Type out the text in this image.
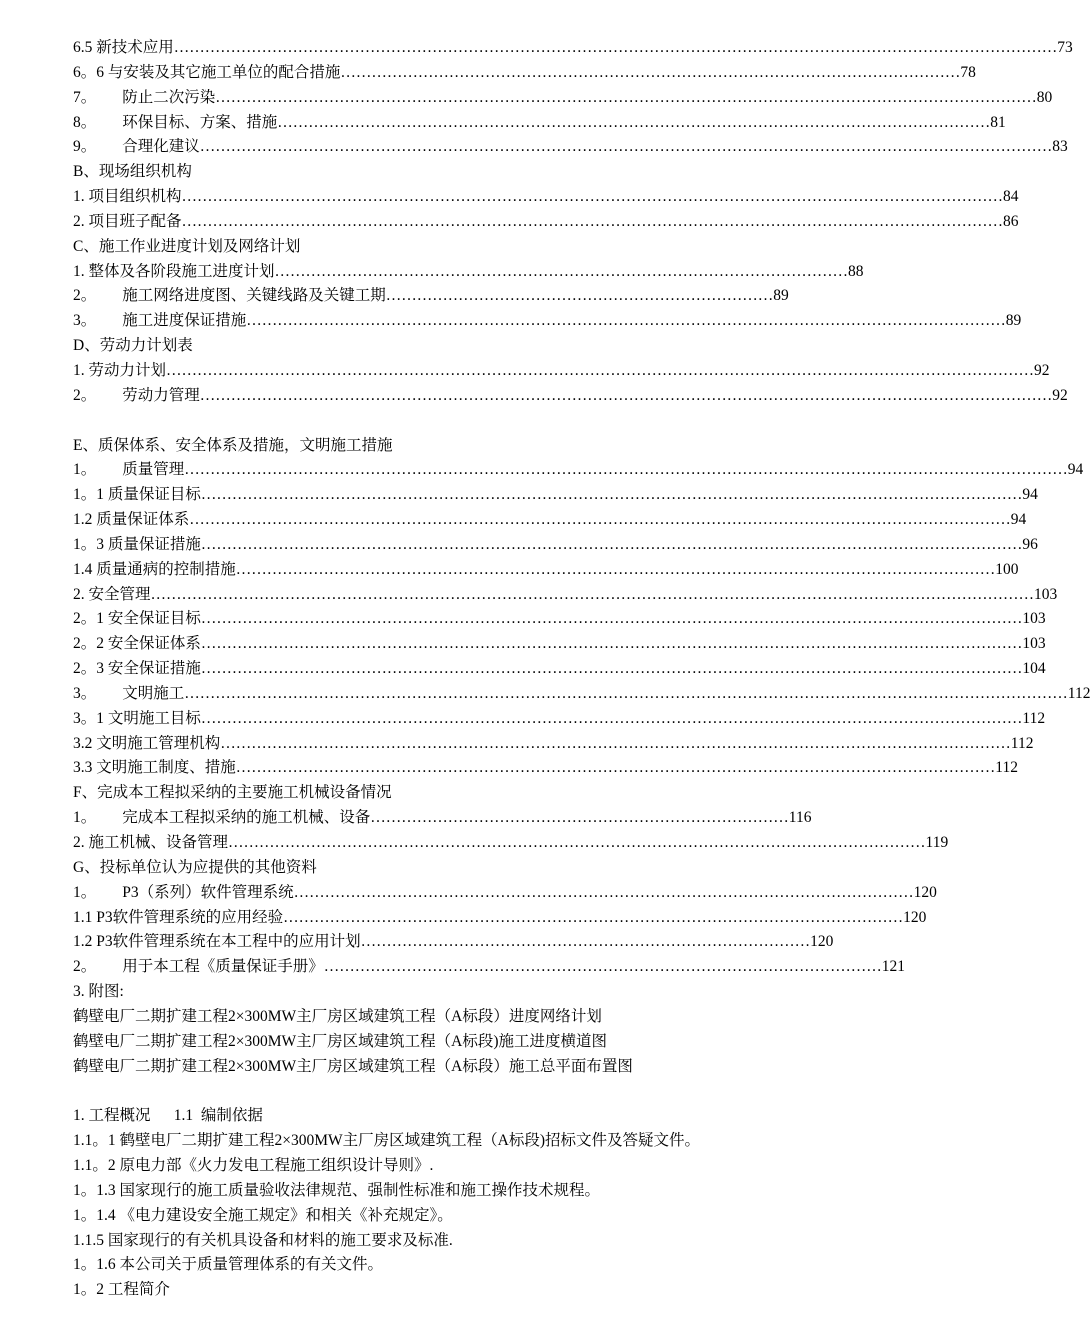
6.5 新技术应用………………………………………………………………………………………………………………………………………………………73
6。6 与安装及其它施工单位的配合措施…………………………………………………………………………………………………………78
7。 防止二次污染……………………………………………………………………………………………………………………………………………80
8。 环保目标、方案、措施…………………………………………………………………………………………………………………………81
9。 合理化建议…………………………………………………………………………………………………………………………………………………83
B、现场组织机构
1. 项目组织机构……………………………………………………………………………………………………………………………………………84
2. 项目班子配备……………………………………………………………………………………………………………………………………………86
C、施工作业进度计划及网络计划
1. 整体及各阶段施工进度计划…………………………………………………………………………………………………88
2。 施工网络进度图、关键线路及关键工期…………………………………………………………………89
3。 施工进度保证措施…………………………………………………………………………………………………………………………………89
D、劳动力计划表
1. 劳动力计划……………………………………………………………………………………………………………………………………………………92
2。 劳动力管理…………………………………………………………………………………………………………………………………………………92
E、质保体系、安全体系及措施，文明施工措施
1。 质量管理………………………………………………………………………………………………………………………………………………………94
1。1 质量保证目标……………………………………………………………………………………………………………………………………………94
1.2 质量保证体系……………………………………………………………………………………………………………………………………………94
1。3 质量保证措施……………………………………………………………………………………………………………………………………………96
1.4 质量通病的控制措施…………………………………………………………………………………………………………………………………100
2. 安全管理………………………………………………………………………………………………………………………………………………………103
2。1 安全保证目标……………………………………………………………………………………………………………………………………………103
2。2 安全保证体系……………………………………………………………………………………………………………………………………………103
2。3 安全保证措施……………………………………………………………………………………………………………………………………………104
3。 文明施工………………………………………………………………………………………………………………………………………………………112
3。1 文明施工目标……………………………………………………………………………………………………………………………………………112
3.2 文明施工管理机构………………………………………………………………………………………………………………………………………112
3.3 文明施工制度、措施…………………………………………………………………………………………………………………………………112
F、完成本工程拟采纳的主要施工机械设备情况
1。 完成本工程拟采纳的施工机械、设备………………………………………………………………………116
2. 施工机械、设备管理………………………………………………………………………………………………………………………119
G、投标单位认为应提供的其他资料
1。 P3（系列）软件管理系统…………………………………………………………………………………………………………120
1.1 P3软件管理系统的应用经验…………………………………………………………………………………………………………120
1.2 P3软件管理系统在本工程中的应用计划……………………………………………………………………………120
2。 用于本工程《质量保证手册》………………………………………………………………………………………………121
3. 附图:
鹤壁电厂二期扩建工程2×300MW主厂房区域建筑工程（A标段）进度网络计划
鹤壁电厂二期扩建工程2×300MW主厂房区域建筑工程（A标段)施工进度横道图
鹤壁电厂二期扩建工程2×300MW主厂房区域建筑工程（A标段）施工总平面布置图
1. 工程概况      1.1  编制依据
1.1。1 鹤壁电厂二期扩建工程2×300MW主厂房区域建筑工程（A标段)招标文件及答疑文件。
1.1。2 原电力部《火力发电工程施工组织设计导则》.
1。1.3 国家现行的施工质量验收法律规范、强制性标准和施工操作技术规程。
1。1.4 《电力建设安全施工规定》和相关《补充规定》。
1.1.5 国家现行的有关机具设备和材料的施工要求及标准.
1。1.6 本公司关于质量管理体系的有关文件。
1。2 工程简介
